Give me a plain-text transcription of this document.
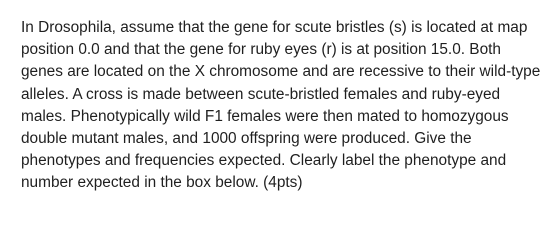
In Drosophila, assume that the gene for scute bristles (s) is located at map position 0.0 and that the gene for ruby eyes (r) is at position 15.0. Both genes are located on the X chromosome and are recessive to their wild-type alleles. A cross is made between scute-bristled females and ruby-eyed males. Phenotypically wild F1 females were then mated to homozygous double mutant males, and 1000 offspring were produced. Give the phenotypes and frequencies expected. Clearly label the phenotype and number expected in the box below. (4pts)
